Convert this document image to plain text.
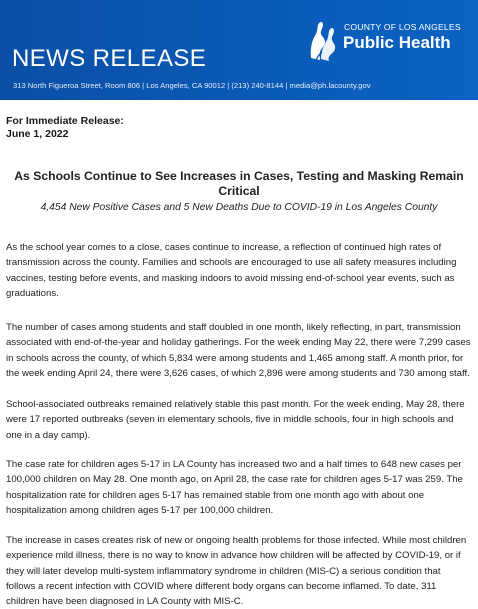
NEWS RELEASE
313 North Figueroa Street, Room 806 | Los Angeles, CA 90012 | (213) 240-8144 | media@ph.lacounty.gov
COUNTY OF LOS ANGELES
Public Health
For Immediate Release:
June 1, 2022
As Schools Continue to See Increases in Cases, Testing and Masking Remain Critical
4,454 New Positive Cases and 5 New Deaths Due to COVID-19 in Los Angeles County

As the school year comes to a close, cases continue to increase, a reflection of continued high rates of transmission across the county. Families and schools are encouraged to use all safety measures including vaccines, testing before events, and masking indoors to avoid missing end-of-school year events, such as graduations.

The number of cases among students and staff doubled in one month, likely reflecting, in part, transmission associated with end-of-the-year and holiday gatherings. For the week ending May 22, there were 7,299 cases in schools across the county, of which 5,834 were among students and 1,465 among staff. A month prior, for the week ending April 24, there were 3,626 cases, of which 2,896 were among students and 730 among staff.

School-associated outbreaks remained relatively stable this past month. For the week ending, May 28, there were 17 reported outbreaks (seven in elementary schools, five in middle schools, four in high schools and one in a day camp).

The case rate for children ages 5-17 in LA County has increased two and a half times to 648 new cases per 100,000 children on May 28. One month ago, on April 28, the case rate for children ages 5-17 was 259. The hospitalization rate for children ages 5-17 has remained stable from one month ago with about one hospitalization among children ages 5-17 per 100,000 children.

The increase in cases creates risk of new or ongoing health problems for those infected. While most children experience mild illness, there is no way to know in advance how children will be affected by COVID-19, or if they will later develop multi-system inflammatory syndrome in children (MIS-C) a serious condition that follows a recent infection with COVID where different body organs can become inflamed. To date, 311 children have been diagnosed in LA County with MIS-C.
